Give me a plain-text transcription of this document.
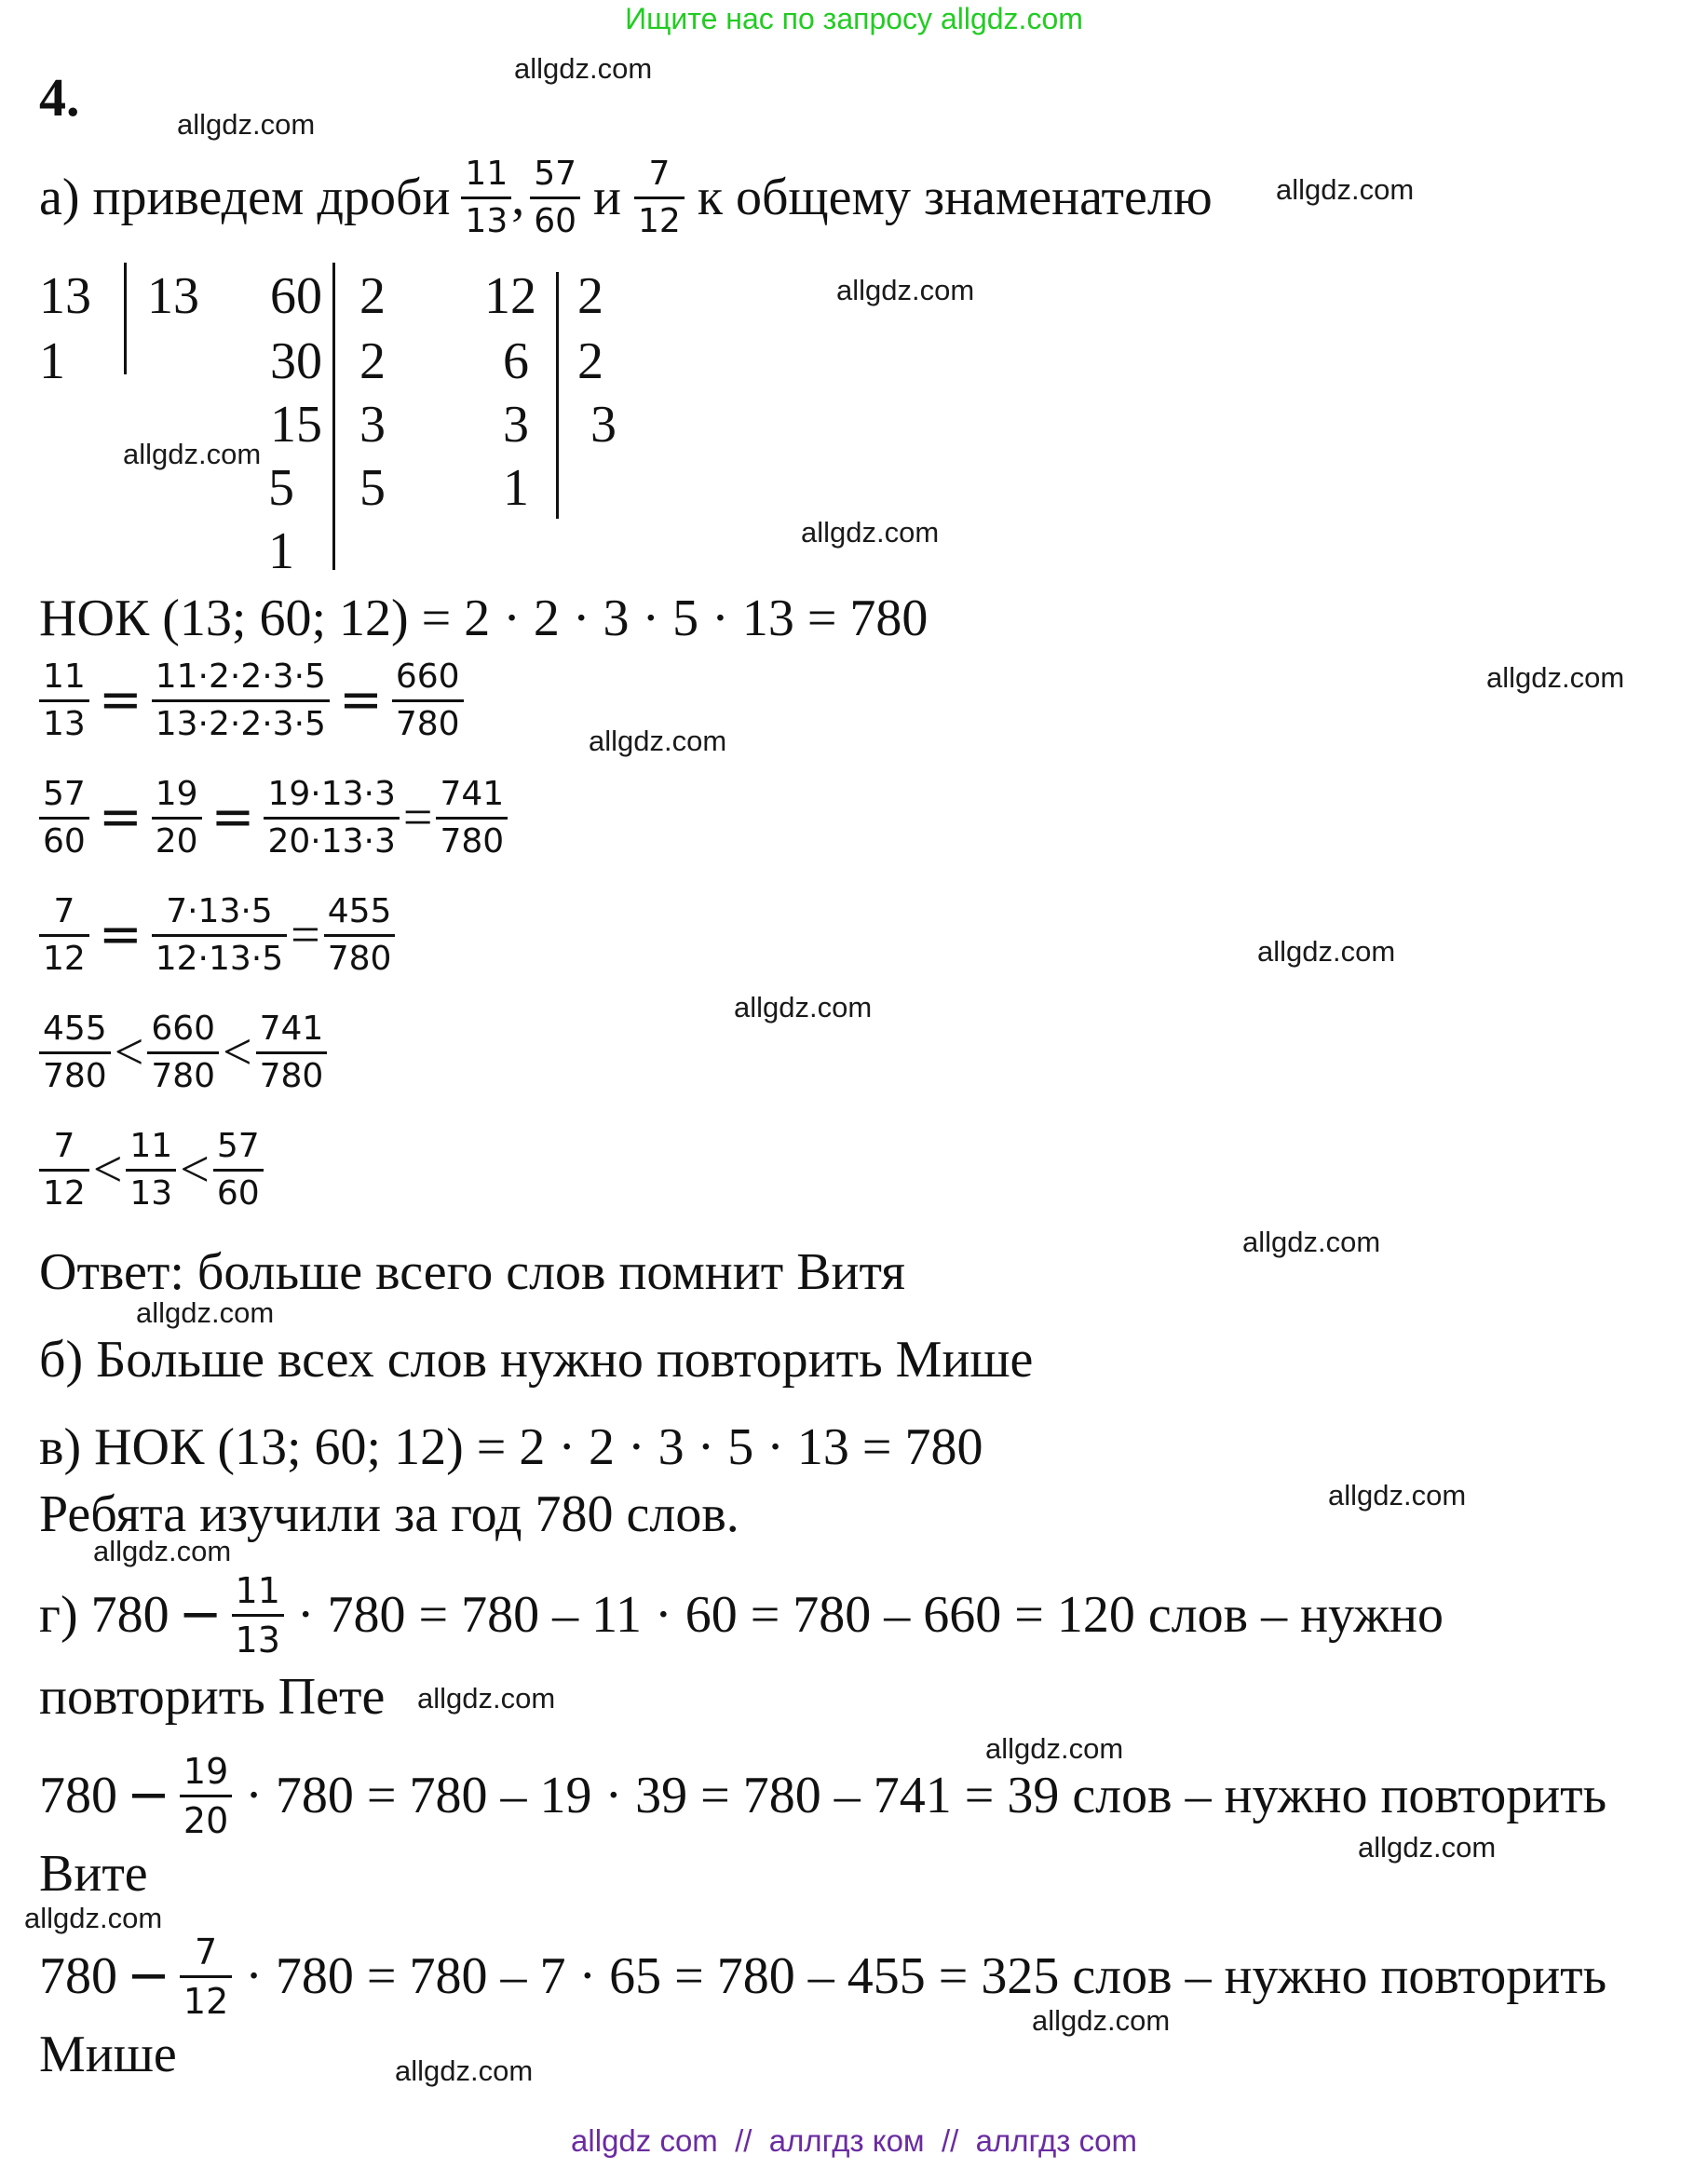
Ищите нас по запросу allgdz.com
4.
а) приведем дроби $\frac{11}{13}$ , $\frac{57}{60}$ и $\frac{7}{12}$ к общему знаменателю
13
1
13 60
30
15
5
1
2
2
3
5
12
6
3
1
2
2
3
НОК (13; 60; 12) = 2 · 2 · 3 · 5 · 13 = 780
$\frac{11}{13} = \frac{11\cdot 2\cdot 2\cdot 3\cdot 5}{13\cdot 2\cdot 2\cdot 3\cdot 5} = \frac{660}{780}$
$\frac{57}{60} = \frac{19}{20} = \frac{19\cdot 13\cdot 3}{20\cdot 13\cdot 3} = \frac{741}{780}$
$\frac{7}{12} = \frac{7\cdot 13\cdot 5}{12\cdot 13\cdot 5} = \frac{455}{780}$
$\frac{455}{780} < \frac{660}{780} < \frac{741}{780}$
$\frac{7}{12} < \frac{11}{13} < \frac{57}{60}$
Ответ: больше всего слов помнит Витя
б) Больше всех слов нужно повторить Мише
в) НОК (13; 60; 12) = 2 · 2 · 3 · 5 · 13 = 780
Ребята изучили за год 780 слов.
г) $780 - \frac{11}{13} \cdot 780 = 780 - 11 \cdot 60 = 780 - 660 = 120$ слов – нужно
повторить Пете
$780 - \frac{19}{20} \cdot 780 = 780 - 19 \cdot 39 = 780 - 741 = 39$ слов – нужно повторить
Вите
$780 - \frac{7}{12} \cdot 780 = 780 - 7 \cdot 65 = 780 - 455 = 325$ слов – нужно повторить
Мише
allgdz.com
allgdz.com
allgdz.com
allgdz.com
allgdz.com
allgdz.com
allgdz.com
allgdz.com
allgdz.com
allgdz.com
allgdz.com
allgdz.com
allgdz.com
allgdz.com
allgdz.com
allgdz.com
allgdz.com
allgdz.com
allgdz.com
allgdz.com
allgdz com  //  аллгдз ком  //  аллгдз com
